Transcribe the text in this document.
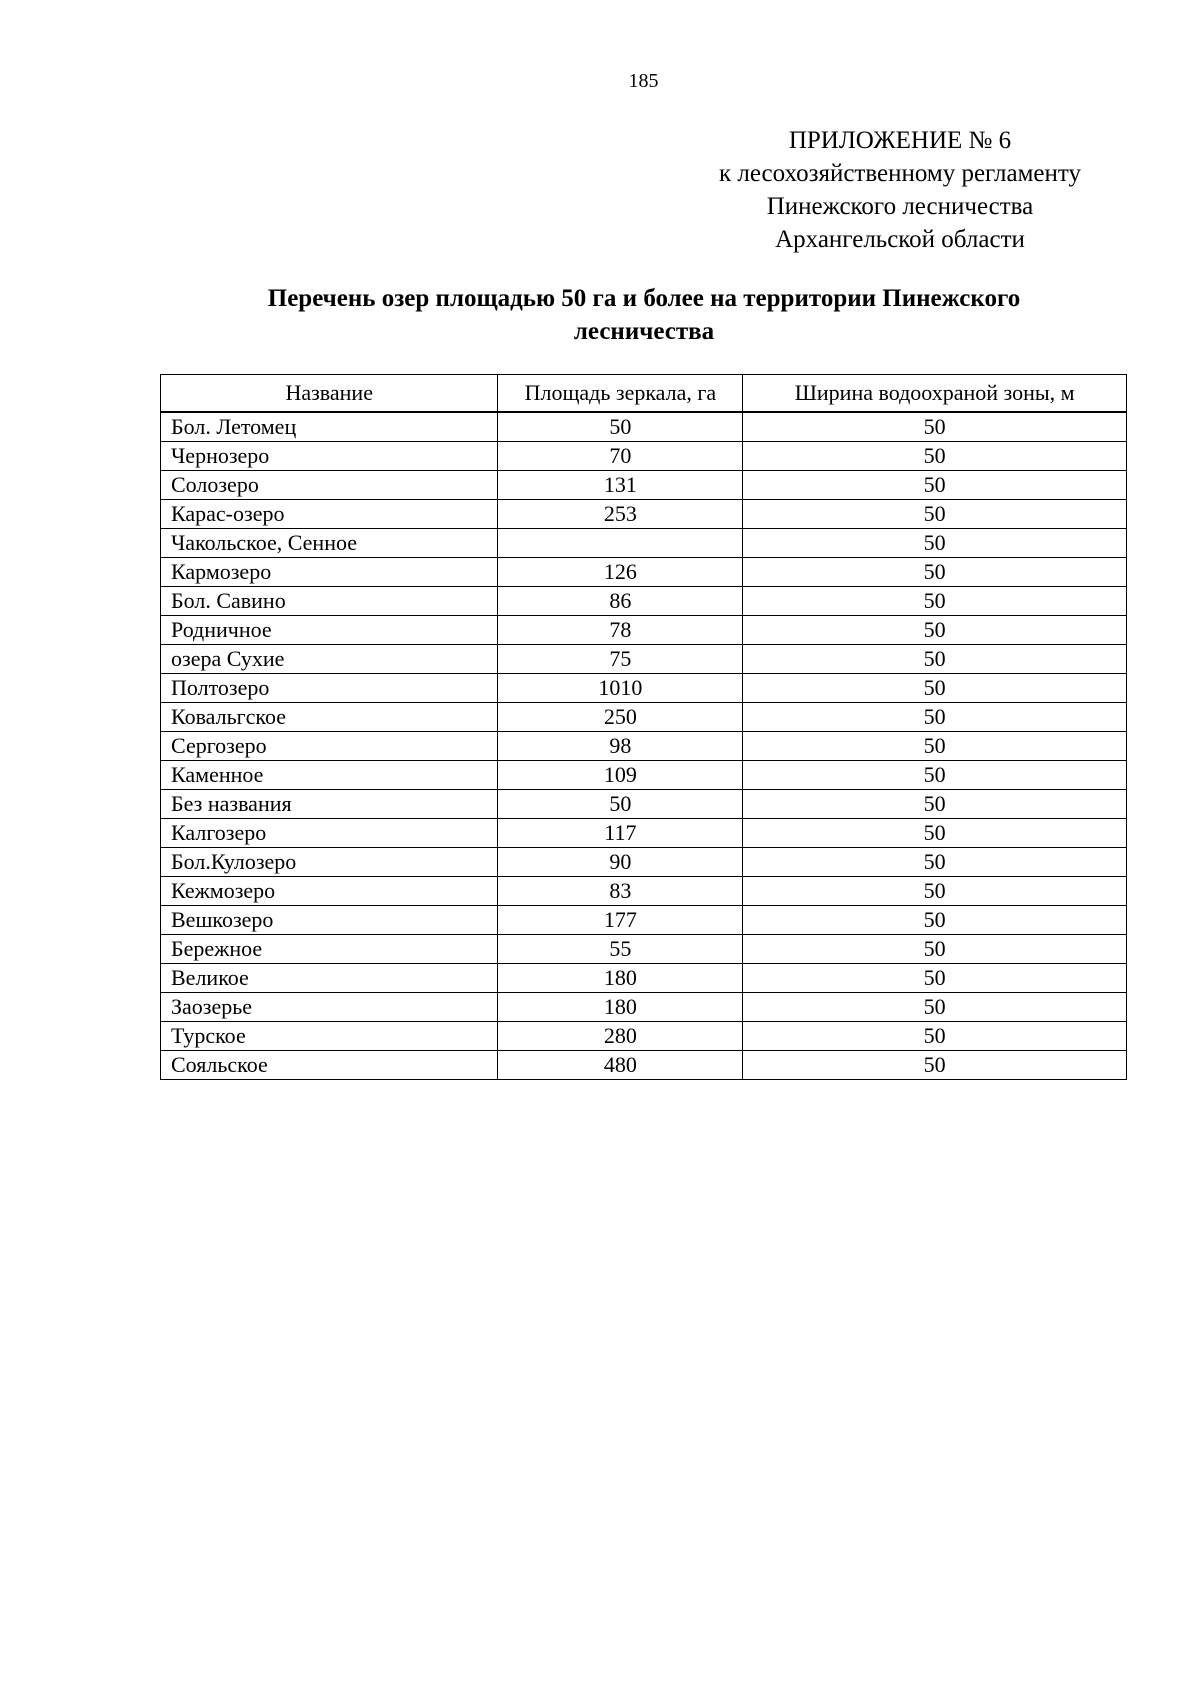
185
ПРИЛОЖЕНИЕ № 6
к лесохозяйственному регламенту
Пинежского лесничества
Архангельской области
Перечень озер площадью 50 га и более на территории Пинежского
лесничества
Название	Площадь зеркала, га	Ширина водоохраной зоны, м
Бол. Летомец	50	50
Чернозеро	70	50
Солозеро	131	50
Карас-озеро	253	50
Чакольское, Сенное		50
Кармозеро	126	50
Бол. Савино	86	50
Родничное	78	50
озера Сухие	75	50
Полтозеро	1010	50
Ковальгское	250	50
Сергозеро	98	50
Каменное	109	50
Без названия	50	50
Калгозеро	117	50
Бол.Кулозеро	90	50
Кежмозеро	83	50
Вешкозеро	177	50
Бережное	55	50
Великое	180	50
Заозерье	180	50
Турское	280	50
Сояльское	480	50
